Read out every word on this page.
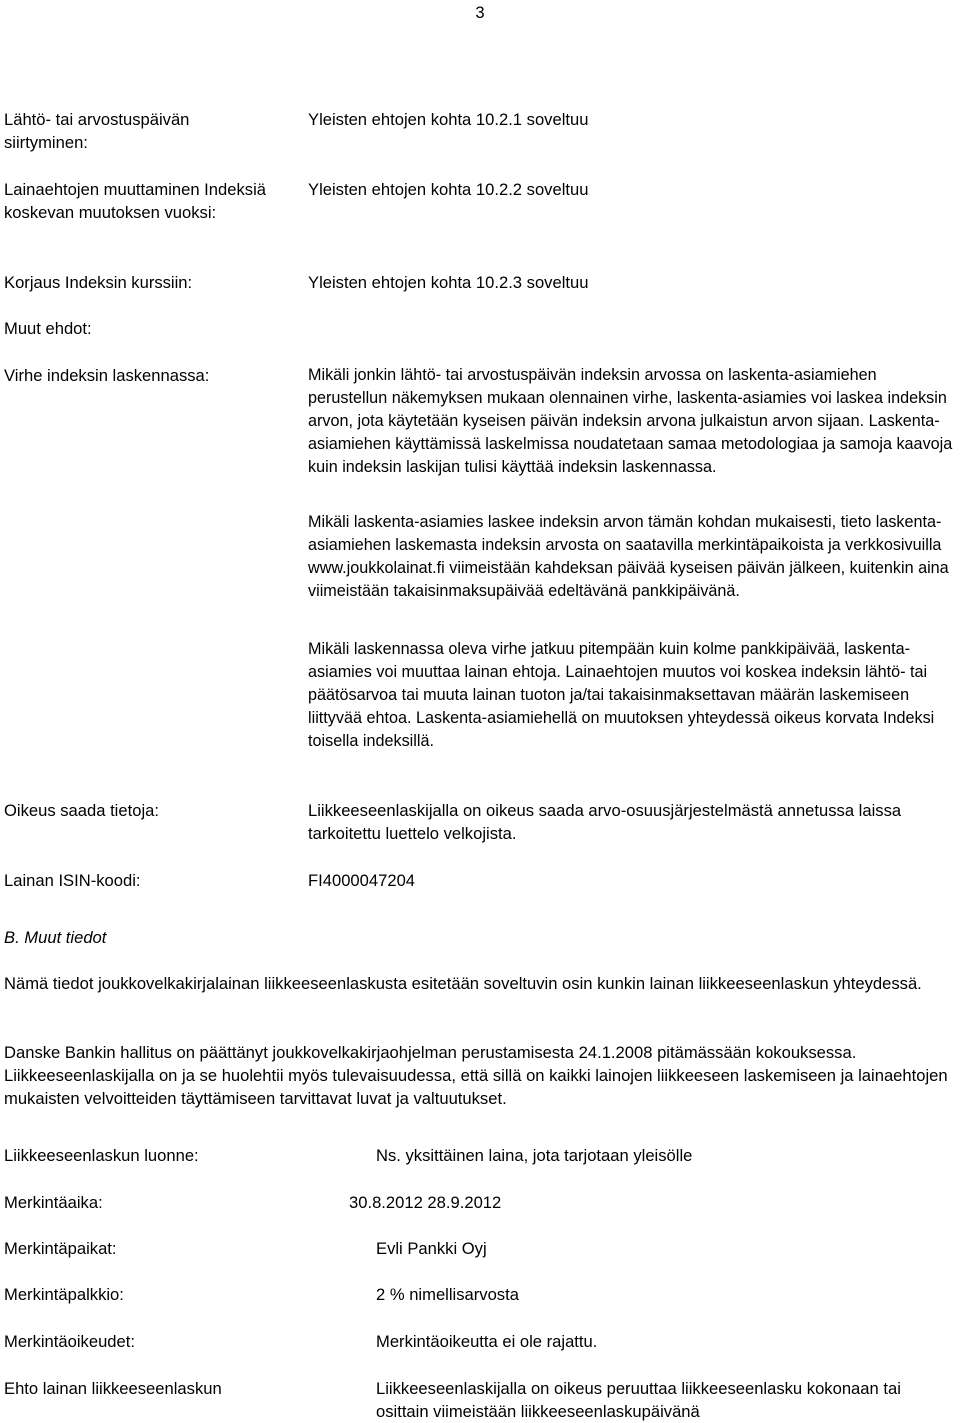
3
Lähtö- tai arvostuspäivän siirtyminen:
Yleisten ehtojen kohta 10.2.1 soveltuu
Lainaehtojen muuttaminen Indeksiä koskevan muutoksen vuoksi:
Yleisten ehtojen kohta 10.2.2 soveltuu
Korjaus Indeksin kurssiin:	Yleisten ehtojen kohta 10.2.3 soveltuu
Muut ehdot:
Virhe indeksin laskennassa:	Mikäli jonkin lähtö- tai arvostuspäivän indeksin arvossa on laskenta-asiamiehen perustellun näkemyksen mukaan olennainen virhe, laskenta-asiamies voi laskea indeksin arvon, jota käytetään kyseisen päivän indeksin arvona julkaistun arvon sijaan. Laskenta-asiamiehen käyttämissä laskelmissa noudatetaan samaa metodologiaa ja samoja kaavoja kuin indeksin laskijan tulisi käyttää indeksin laskennassa.
Mikäli laskenta-asiamies laskee indeksin arvon tämän kohdan mukaisesti, tieto laskenta-asiamiehen laskemasta indeksin arvosta on saatavilla merkintäpaikoista ja verkkosivuilla www.joukkolainat.fi viimeistään kahdeksan päivää kyseisen päivän jälkeen, kuitenkin aina viimeistään takaisinmaksupäivää edeltävänä pankkipäivänä.
Mikäli laskennassa oleva virhe jatkuu pitempään kuin kolme pankkipäivää, laskenta-asiamies voi muuttaa lainan ehtoja. Lainaehtojen muutos voi koskea indeksin lähtö- tai päätösarvoa tai muuta lainan tuoton ja/tai takaisinmaksettavan määrän laskemiseen liittyvää ehtoa. Laskenta-asiamiehellä on muutoksen yhteydessä oikeus korvata Indeksi toisella indeksillä.
Oikeus saada tietoja:	Liikkeeseenlaskijalla on oikeus saada arvo-osuusjärjestelmästä annetussa laissa tarkoitettu luettelo velkojista.
Lainan ISIN-koodi:	FI4000047204
B. Muut tiedot
Nämä tiedot joukkovelkakirjalainan liikkeeseenlaskusta esitetään soveltuvin osin kunkin lainan liikkeeseenlaskun yhteydessä.
Danske Bankin hallitus on päättänyt joukkovelkakirjaohjelman perustamisesta 24.1.2008 pitämässään kokouksessa. Liikkeeseenlaskijalla on ja se huolehtii myös tulevaisuudessa, että sillä on kaikki lainojen liikkeeseen laskemiseen ja lainaehtojen mukaisten velvoitteiden täyttämiseen tarvittavat luvat ja valtuutukset.
Liikkeeseenlaskun luonne:	Ns. yksittäinen laina, jota tarjotaan yleisölle
Merkintäaika:	30.8.2012 28.9.2012
Merkintäpaikat:	Evli Pankki Oyj
Merkintäpalkkio:	2 % nimellisarvosta
Merkintäoikeudet:	Merkintäoikeutta ei ole rajattu.
Ehto lainan liikkeeseenlaskun	Liikkeeseenlaskijalla on oikeus peruuttaa liikkeeseenlasku kokonaan tai osittain viimeistään liikkeeseenlaskupäivänä
